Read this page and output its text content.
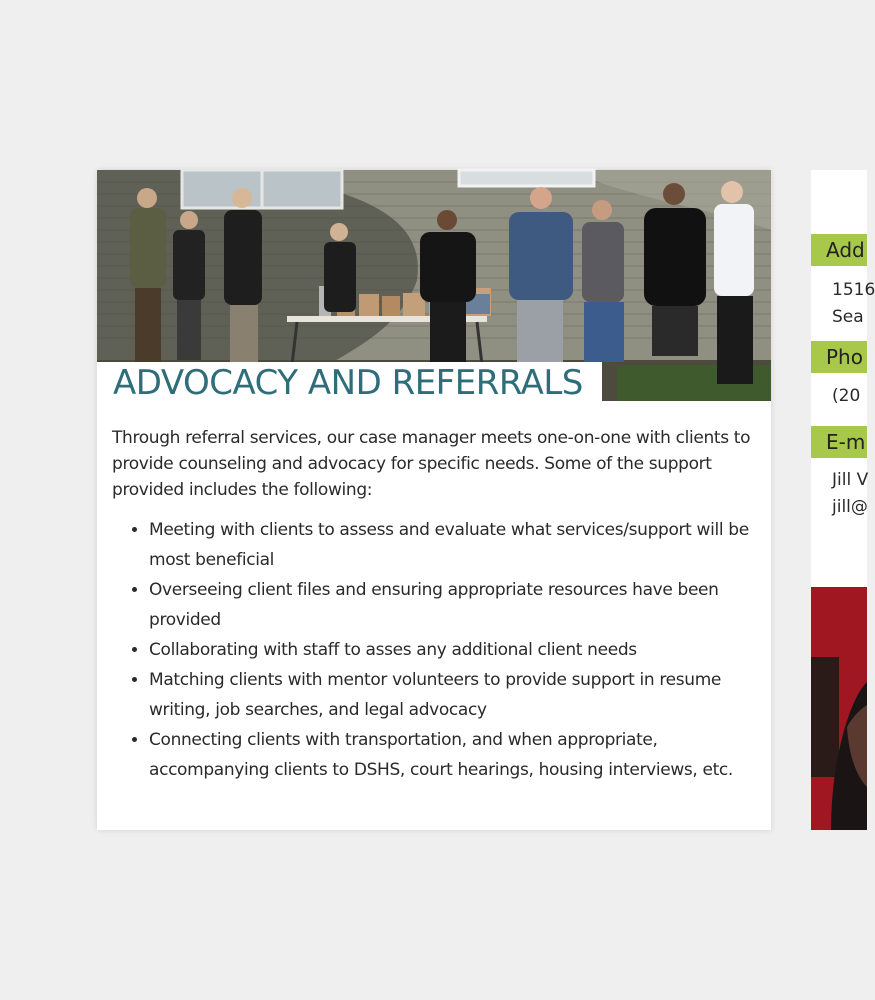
ADVOCACY AND REFERRALS

Through referral services, our case manager meets one-on-one with clients to provide counseling and advocacy for specific needs. Some of the support provided includes the following:

• Meeting with clients to assess and evaluate what services/support will be most beneficial
• Overseeing client files and ensuring appropriate resources have been provided
• Collaborating with staff to asses any additional client needs
• Matching clients with mentor volunteers to provide support in resume writing, job searches, and legal advocacy
• Connecting clients with transportation, and when appropriate, accompanying clients to DSHS, court hearings, housing interviews, etc.
Add
1516
Sea
Pho
(20
E-m
Jill V
jill@
